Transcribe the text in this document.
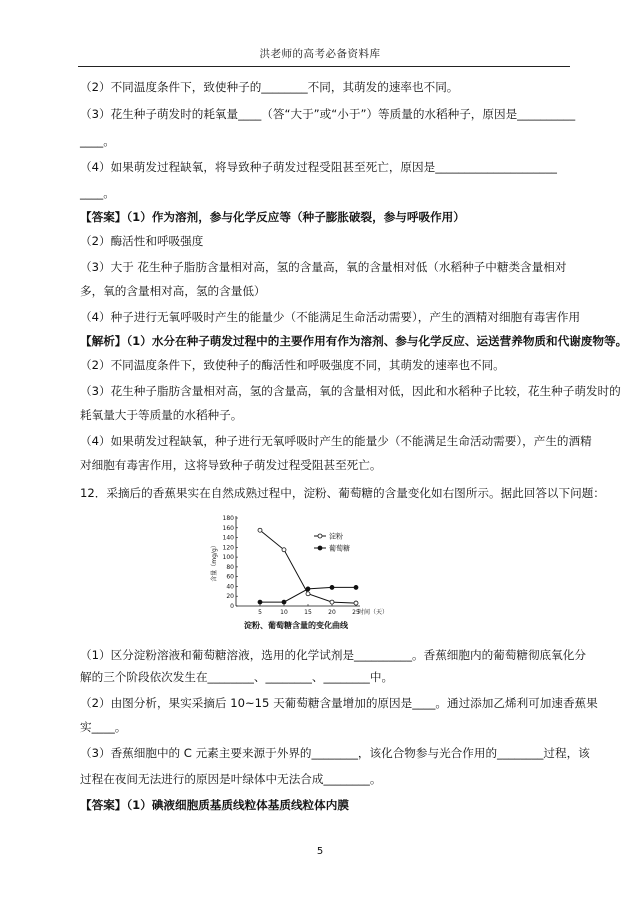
洪老师的高考必备资料库
（2）不同温度条件下，致使种子的________不同，其萌发的速率也不同。
（3）花生种子萌发时的耗氧量____（答“大于”或“小于”）等质量的水稻种子，原因是__________
____。
（4）如果萌发过程缺氧，将导致种子萌发过程受阻甚至死亡，原因是_____________________
____。
【答案】（1）作为溶剂，参与化学反应等（种子膨胀破裂，参与呼吸作用）
（2）酶活性和呼吸强度
（3）大于 花生种子脂肪含量相对高，氢的含量高，氧的含量相对低（水稻种子中糖类含量相对
多，氧的含量相对高，氢的含量低）
（4）种子进行无氧呼吸时产生的能量少（不能满足生命活动需要），产生的酒精对细胞有毒害作用
【解析】（1）水分在种子萌发过程中的主要作用有作为溶剂、参与化学反应、运送营养物质和代谢废物等。
（2）不同温度条件下，致使种子的酶活性和呼吸强度不同，其萌发的速率也不同。
（3）花生种子脂肪含量相对高，氢的含量高，氧的含量相对低，因此和水稻种子比较，花生种子萌发时的
耗氧量大于等质量的水稻种子。
（4）如果萌发过程缺氧，种子进行无氧呼吸时产生的能量少（不能满足生命活动需要），产生的酒精
对细胞有毒害作用，这将导致种子萌发过程受阻甚至死亡。
12．采摘后的香蕉果实在自然成熟过程中，淀粉、葡萄糖的含量变化如右图所示。据此回答以下问题：
0
20
40
60
80
100
120
140
160
180
5	10	15	20	25
时间（天）
含量（mg/g）
淀粉、葡萄糖含量的变化曲线
淀粉
葡萄糖
（1）区分淀粉溶液和葡萄糖溶液，选用的化学试剂是__________。香蕉细胞内的葡萄糖彻底氧化分
解的三个阶段依次发生在________、________、________中。
（2）由图分析，果实采摘后 10~15 天葡萄糖含量增加的原因是____。通过添加乙烯利可加速香蕉果
实____。
（3）香蕉细胞中的 C 元素主要来源于外界的________，该化合物参与光合作用的________过程，该
过程在夜间无法进行的原因是叶绿体中无法合成________。
【答案】（1）碘液细胞质基质线粒体基质线粒体内膜
5
